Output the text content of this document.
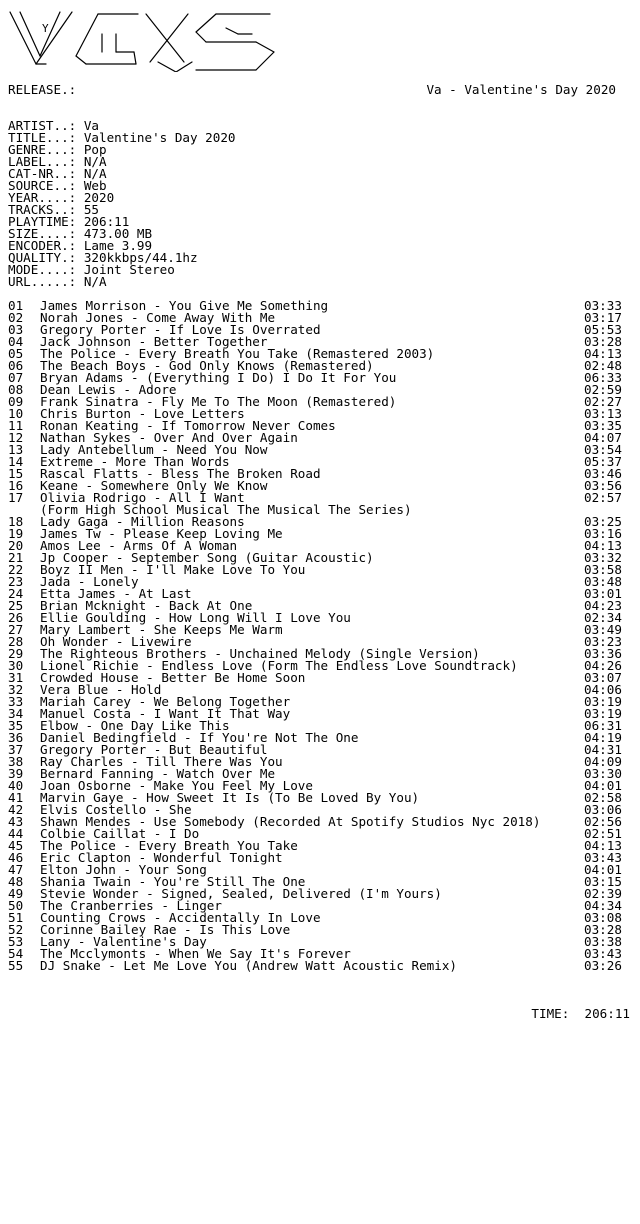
Y
RELEASE.:	Va - Valentine's Day 2020
ARTIST..: Va
TITLE...: Valentine's Day 2020
GENRE...: Pop
LABEL...: N/A
CAT-NR..: N/A
SOURCE..: Web
YEAR....: 2020
TRACKS..: 55
PLAYTIME: 206:11
SIZE....: 473.00 MB
ENCODER.: Lame 3.99
QUALITY.: 320kkbps/44.1hz
MODE....: Joint Stereo
URL.....: N/A
01 James Morrison - You Give Me Something	03:33
02 Norah Jones - Come Away With Me	03:17
03 Gregory Porter - If Love Is Overrated	05:53
04 Jack Johnson - Better Together	03:28
05 The Police - Every Breath You Take (Remastered 2003)	04:13
06 The Beach Boys - God Only Knows (Remastered)	02:48
07 Bryan Adams - (Everything I Do) I Do It For You	06:33
08 Dean Lewis - Adore	02:59
09 Frank Sinatra - Fly Me To The Moon (Remastered)	02:27
10 Chris Burton - Love Letters	03:13
11 Ronan Keating - If Tomorrow Never Comes	03:35
12 Nathan Sykes - Over And Over Again	04:07
13 Lady Antebellum - Need You Now	03:54
14 Extreme - More Than Words	05:37
15 Rascal Flatts - Bless The Broken Road	03:46
16 Keane - Somewhere Only We Know	03:56
17 Olivia Rodrigo - All I Want	02:57
(Form High School Musical The Musical The Series)
18 Lady Gaga - Million Reasons	03:25
19 James Tw - Please Keep Loving Me	03:16
20 Amos Lee - Arms Of A Woman	04:13
21 Jp Cooper - September Song (Guitar Acoustic)	03:32
22 Boyz II Men - I'll Make Love To You	03:58
23 Jada - Lonely	03:48
24 Etta James - At Last	03:01
25 Brian Mcknight - Back At One	04:23
26 Ellie Goulding - How Long Will I Love You	02:34
27 Mary Lambert - She Keeps Me Warm	03:49
28 Oh Wonder - Livewire	03:23
29 The Righteous Brothers - Unchained Melody (Single Version)	03:36
30 Lionel Richie - Endless Love (Form The Endless Love Soundtrack)	04:26
31 Crowded House - Better Be Home Soon	03:07
32 Vera Blue - Hold	04:06
33 Mariah Carey - We Belong Together	03:19
34 Manuel Costa - I Want It That Way	03:19
35 Elbow - One Day Like This	06:31
36 Daniel Bedingfield - If You're Not The One	04:19
37 Gregory Porter - But Beautiful	04:31
38 Ray Charles - Till There Was You	04:09
39 Bernard Fanning - Watch Over Me	03:30
40 Joan Osborne - Make You Feel My Love	04:01
41 Marvin Gaye - How Sweet It Is (To Be Loved By You)	02:58
42 Elvis Costello - She	03:06
43 Shawn Mendes - Use Somebody (Recorded At Spotify Studios Nyc 2018)	02:56
44 Colbie Caillat - I Do	02:51
45 The Police - Every Breath You Take	04:13
46 Eric Clapton - Wonderful Tonight	03:43
47 Elton John - Your Song	04:01
48 Shania Twain - You're Still The One	03:15
49 Stevie Wonder - Signed, Sealed, Delivered (I'm Yours)	02:39
50 The Cranberries - Linger	04:34
51 Counting Crows - Accidentally In Love	03:08
52 Corinne Bailey Rae - Is This Love	03:28
53 Lany - Valentine's Day	03:38
54 The Mcclymonts - When We Say It's Forever	03:43
55 DJ Snake - Let Me Love You (Andrew Watt Acoustic Remix)	03:26
TIME: 206:11
